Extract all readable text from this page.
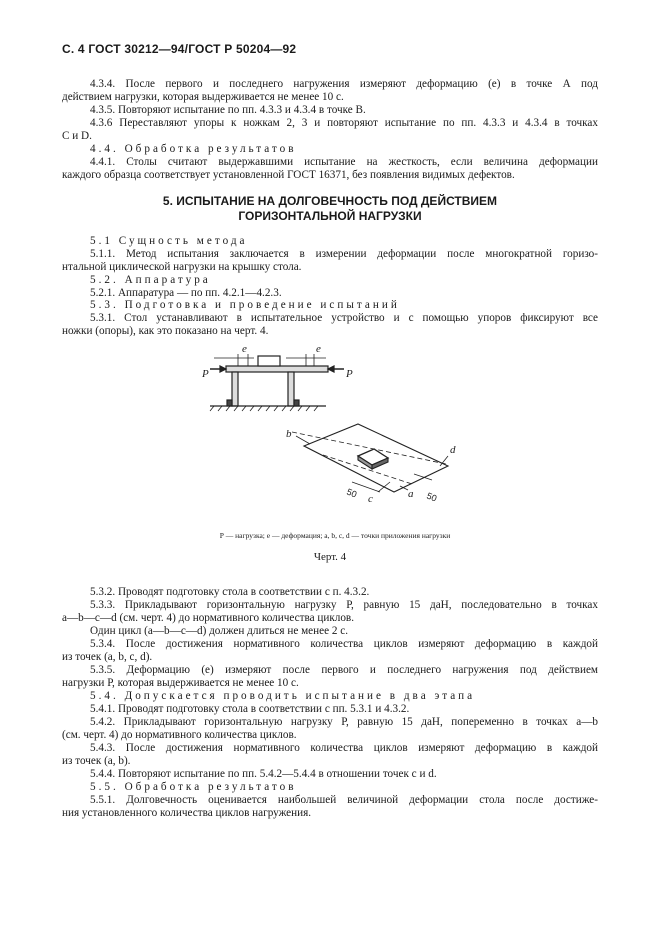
С. 4 ГОСТ 30212—94/ГОСТ Р 50204—92
4.3.4. После первого и последнего нагружения измеряют деформацию (е) в точке А под
действием нагрузки, которая выдерживается не менее 10 с.
4.3.5. Повторяют испытание по пп. 4.3.3 и 4.3.4 в точке В.
4.3.6 Переставляют упоры к ножкам 2, 3 и повторяют испытание по пп. 4.3.3 и 4.3.4 в точках
С и D.
4.4. Обработка результатов
4.4.1. Столы считают выдержавшими испытание на жесткость, если величина деформации
каждого образца соответствует установленной ГОСТ 16371, без появления видимых дефектов.
5. ИСПЫТАНИЕ НА ДОЛГОВЕЧНОСТЬ ПОД ДЕЙСТВИЕМ
ГОРИЗОНТАЛЬНОЙ НАГРУЗКИ
5.1 Сущность метода
5.1.1. Метод испытания заключается в измерении деформации после многократной горизо-
нтальной циклической нагрузки на крышку стола.
5.2. Аппаратура
5.2.1. Аппаратура — по пп. 4.2.1—4.2.3.
5.3. Подготовка и проведение испытаний
5.3.1. Стол устанавливают в испытательное устройство и с помощью упоров фиксируют все
ножки (опоры), как это показано на черт. 4.
e	e
P	P
b
d
c	a
50	50
Р — нагрузка; е — деформация; a, b, c, d — точки приложения нагрузки
Черт. 4
5.3.2. Проводят подготовку стола в соответствии с п. 4.3.2.
5.3.3. Прикладывают горизонтальную нагрузку Р, равную 15 даН, последовательно в точках
а—b—c—d (см. черт. 4) до нормативного количества циклов.
Один цикл (а—b—c—d) должен длиться не менее 2 с.
5.3.4. После достижения нормативного количества циклов измеряют деформацию в каждой
из точек (a, b, c, d).
5.3.5. Деформацию (е) измеряют после первого и последнего нагружения под действием
нагрузки Р, которая выдерживается не менее 10 с.
5.4. Допускается проводить испытание в два этапа
5.4.1. Проводят подготовку стола в соответствии с пп. 5.3.1 и 4.3.2.
5.4.2. Прикладывают горизонтальную нагрузку Р, равную 15 даН, попеременно в точках а—b
(см. черт. 4) до нормативного количества циклов.
5.4.3. После достижения нормативного количества циклов измеряют деформацию в каждой
из точек (а, b).
5.4.4. Повторяют испытание по пп. 5.4.2—5.4.4 в отношении точек с и d.
5.5. Обработка результатов
5.5.1. Долговечность оценивается наибольшей величиной деформации стола после достиже-
ния установленного количества циклов нагружения.
